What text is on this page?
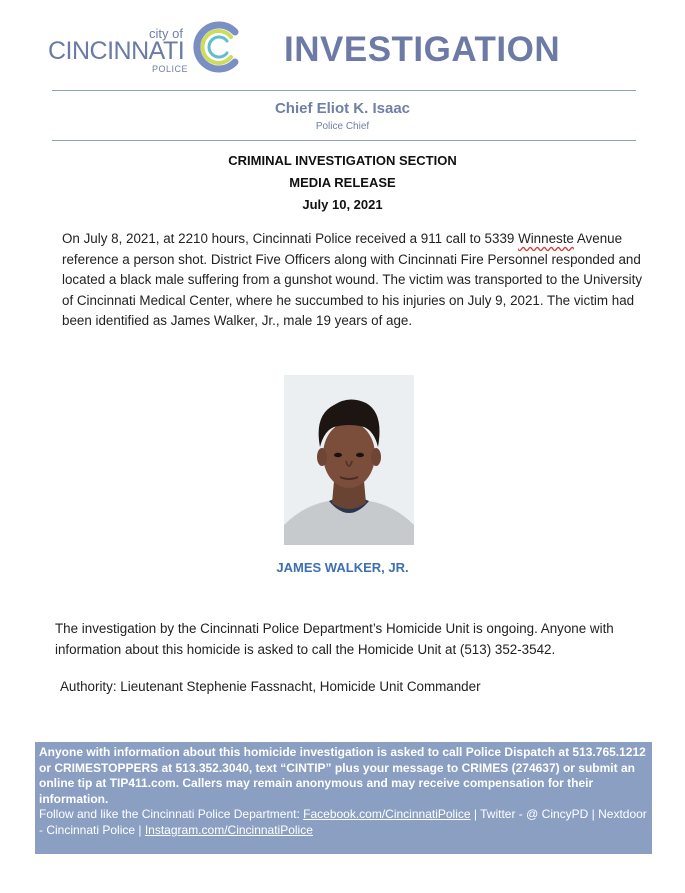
city of
CINCINNATI
POLICE	INVESTIGATION
Chief Eliot K. Isaac
Police Chief
CRIMINAL INVESTIGATION SECTION
MEDIA RELEASE
July 10, 2021
On July 8, 2021, at 2210 hours, Cincinnati Police received a 911 call to 5339 Winneste Avenue reference a person shot. District Five Officers along with Cincinnati Fire Personnel responded and located a black male suffering from a gunshot wound. The victim was transported to the University of Cincinnati Medical Center, where he succumbed to his injuries on July 9, 2021. The victim had been identified as James Walker, Jr., male 19 years of age.
JAMES WALKER, JR.
The investigation by the Cincinnati Police Department’s Homicide Unit is ongoing. Anyone with information about this homicide is asked to call the Homicide Unit at (513) 352-3542.
Authority: Lieutenant Stephenie Fassnacht, Homicide Unit Commander
Anyone with information about this homicide investigation is asked to call Police Dispatch at 513.765.1212 or CRIMESTOPPERS at 513.352.3040, text “CINTIP” plus your message to CRIMES (274637) or submit an online tip at TIP411.com. Callers may remain anonymous and may receive compensation for their information.
Follow and like the Cincinnati Police Department: Facebook.com/CincinnatiPolice | Twitter - @ CincyPD | Nextdoor - Cincinnati Police | Instagram.com/CincinnatiPolice
